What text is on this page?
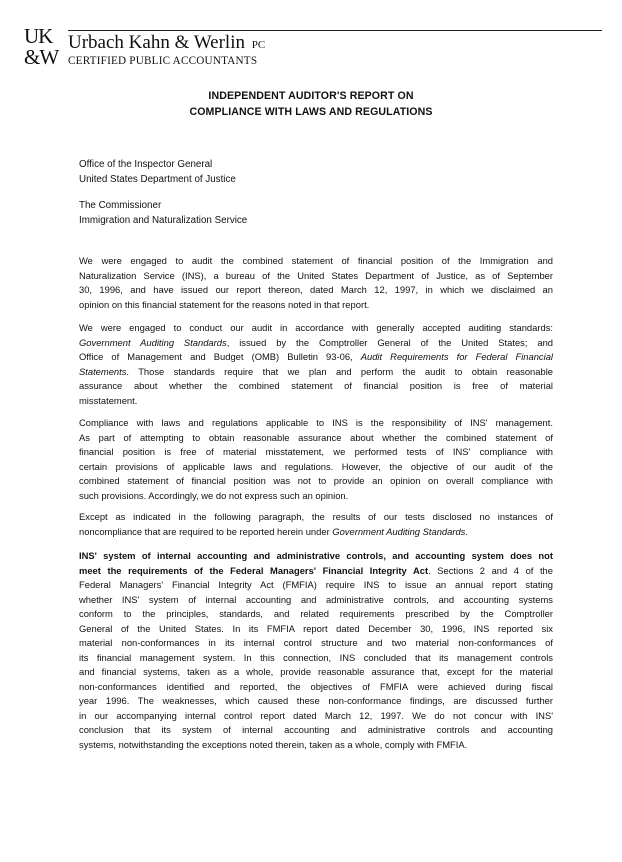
UK
&W
Urbach Kahn & Werlin PC
CERTIFIED PUBLIC ACCOUNTANTS
INDEPENDENT AUDITOR'S REPORT ON
COMPLIANCE WITH LAWS AND REGULATIONS
Office of the Inspector General
United States Department of Justice
The Commissioner
Immigration and Naturalization Service
We were engaged to audit the combined statement of financial position of the Immigration and
Naturalization Service (INS), a bureau of the United States Department of Justice, as of September
30, 1996, and have issued our report thereon, dated March 12, 1997, in which we disclaimed an
opinion on this financial statement for the reasons noted in that report.
We were engaged to conduct our audit in accordance with generally accepted auditing standards:
Government Auditing Standards, issued by the Comptroller General of the United States; and
Office of Management and Budget (OMB) Bulletin 93-06, Audit Requirements for Federal Financial
Statements. Those standards require that we plan and perform the audit to obtain reasonable
assurance about whether the combined statement of financial position is free of material
misstatement.
Compliance with laws and regulations applicable to INS is the responsibility of INS' management.
As part of attempting to obtain reasonable assurance about whether the combined statement of
financial position is free of material misstatement, we performed tests of INS' compliance with
certain provisions of applicable laws and regulations. However, the objective of our audit of the
combined statement of financial position was not to provide an opinion on overall compliance with
such provisions. Accordingly, we do not express such an opinion.
Except as indicated in the following paragraph, the results of our tests disclosed no instances of
noncompliance that are required to be reported herein under Government Auditing Standards.
INS' system of internal accounting and administrative controls, and accounting system does not
meet the requirements of the Federal Managers' Financial Integrity Act. Sections 2 and 4 of the
Federal Managers' Financial Integrity Act (FMFIA) require INS to issue an annual report stating
whether INS' system of internal accounting and administrative controls, and accounting systems
conform to the principles, standards, and related requirements prescribed by the Comptroller
General of the United States. In its FMFIA report dated December 30, 1996, INS reported six
material non-conformances in its internal control structure and two material non-conformances of
its financial management system. In this connection, INS concluded that its management controls
and financial systems, taken as a whole, provide reasonable assurance that, except for the material
non-conformances identified and reported, the objectives of FMFIA were achieved during fiscal
year 1996. The weaknesses, which caused these non-conformance findings, are discussed further
in our accompanying internal control report dated March 12, 1997. We do not concur with INS'
conclusion that its system of internal accounting and administrative controls and accounting
systems, notwithstanding the exceptions noted therein, taken as a whole, comply with FMFIA.
